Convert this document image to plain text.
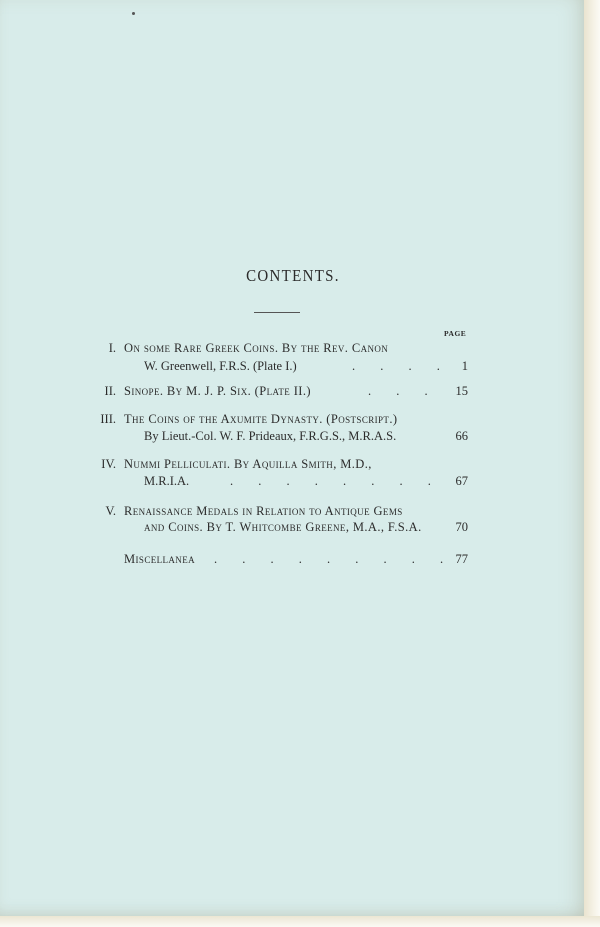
CONTENTS.
PAGE
I. On some Rare Greek Coins. By the Rev. Canon
W. Greenwell, F.R.S. (Plate I.)	. . . . 1
II. Sinope. By M. J. P. Six. (Plate II.)	. . .	15
III. The Coins of the Axumite Dynasty. (Postscript.)
By Lieut.-Col. W. F. Prideaux, F.R.G.S., M.R.A.S.	66
IV. Nummi Pelliculati. By Aquilla Smith, M.D.,
M.R.I.A.	. . . . . . . .	67
V. Renaissance Medals in Relation to Antique Gems
and Coins. By T. Whitcombe Greene, M.A., F.S.A.	70
Miscellanea . . . . . . . . . 77
